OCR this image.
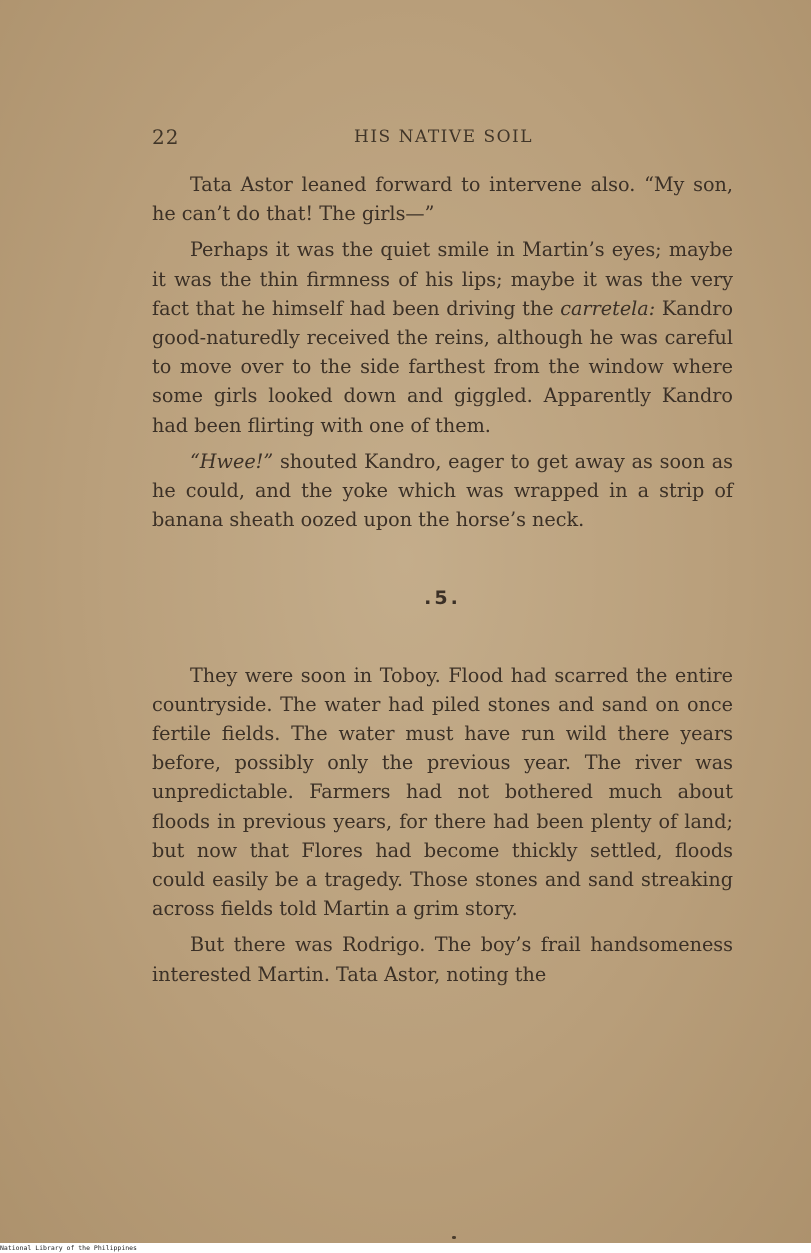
22	HIS NATIVE SOIL

Tata Astor leaned forward to intervene also. “My son, he can’t do that! The girls—”

Perhaps it was the quiet smile in Martin’s eyes; maybe it was the thin firmness of his lips; maybe it was the very fact that he himself had been driving the carretela: Kandro good-naturedly received the reins, although he was careful to move over to the side farthest from the window where some girls looked down and giggled. Apparently Kandro had been flirting with one of them.

“Hwee!” shouted Kandro, eager to get away as soon as he could, and the yoke which was wrapped in a strip of banana sheath oozed upon the horse’s neck.

.5.

They were soon in Toboy. Flood had scarred the entire countryside. The water had piled stones and sand on once fertile fields. The water must have run wild there years before, possibly only the previous year. The river was unpredictable. Farmers had not bothered much about floods in previous years, for there had been plenty of land; but now that Flores had become thickly settled, floods could easily be a tragedy. Those stones and sand streaking across fields told Martin a grim story.

But there was Rodrigo. The boy’s frail handsomeness interested Martin. Tata Astor, noting the

National Library of the Philippines
